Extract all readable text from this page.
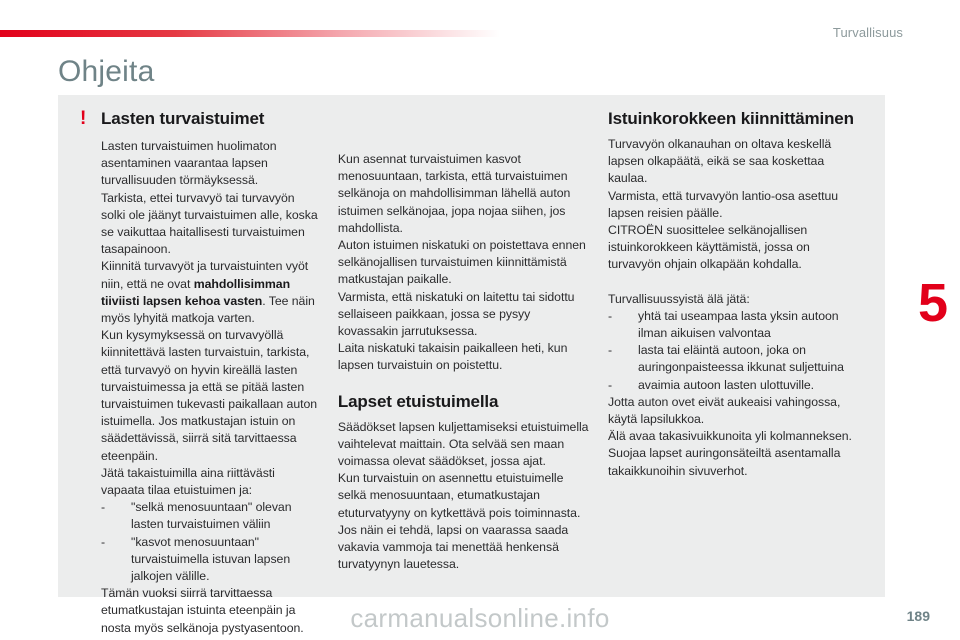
Turvallisuus
Ohjeita
5
! Lasten turvaistuimet

Lasten turvaistuimen huolimaton asentaminen vaarantaa lapsen turvallisuuden törmäyksessä.

Tarkista, ettei turvavyö tai turvavyön solki ole jäänyt turvaistuimen alle, koska se vaikuttaa haitallisesti turvaistuimen tasapainoon.

Kiinnitä turvavyöt ja turvaistuinten vyöt niin, että ne ovat mahdollisimman tiiviisti lapsen kehoa vasten. Tee näin myös lyhyitä matkoja varten.

Kun kysymyksessä on turvavyöllä kiinnitettävä lasten turvaistuin, tarkista, että turvavyö on hyvin kireällä lasten turvaistuimessa ja että se pitää lasten turvaistuimen tukevasti paikallaan auton istuimella. Jos matkustajan istuin on säädettävissä, siirrä sitä tarvittaessa eteenpäin.

Jätä takaistuimilla aina riittävästi vapaata tilaa etuistuimen ja:

- "selkä menosuuntaan" olevan lasten turvaistuimen väliin
- "kasvot menosuuntaan" turvaistuimella istuvan lapsen jalkojen välille.

Tämän vuoksi siirrä tarvittaessa etumatkustajan istuinta eteenpäin ja nosta myös selkänoja pystyasentoon.

Kun asennat turvaistuimen kasvot menosuuntaan, tarkista, että turvaistuimen selkänoja on mahdollisimman lähellä auton istuimen selkänojaa, jopa nojaa siihen, jos mahdollista.

Auton istuimen niskatuki on poistettava ennen selkänojallisen turvaistuimen kiinnittämistä matkustajan paikalle.

Varmista, että niskatuki on laitettu tai sidottu sellaiseen paikkaan, jossa se pysyy kovassakin jarrutuksessa.

Laita niskatuki takaisin paikalleen heti, kun lapsen turvaistuin on poistettu.

Lapset etuistuimella

Säädökset lapsen kuljettamiseksi etuistuimella vaihtelevat maittain. Ota selvää sen maan voimassa olevat säädökset, jossa ajat.

Kun turvaistuin on asennettu etuistuimelle selkä menosuuntaan, etumatkustajan etuturvatyyny on kytkettävä pois toiminnasta.

Jos näin ei tehdä, lapsi on vaarassa saada vakavia vammoja tai menettää henkensä turvatyynyn lauetessa.

Istuinkorokkeen kiinnittäminen

Turvavyön olkanauhan on oltava keskellä lapsen olkapäätä, eikä se saa koskettaa kaulaa.

Varmista, että turvavyön lantio-osa asettuu lapsen reisien päälle.

CITROËN suosittelee selkänojallisen istuinkorokkeen käyttämistä, jossa on turvavyön ohjain olkapään kohdalla.

Turvallisuussyistä älä jätä:

- yhtä tai useampaa lasta yksin autoon ilman aikuisen valvontaa
- lasta tai eläintä autoon, joka on auringonpaisteessa ikkunat suljettuina
- avaimia autoon lasten ulottuville.

Jotta auton ovet eivät aukeaisi vahingossa, käytä lapsilukkoa.

Älä avaa takasivuikkunoita yli kolmanneksen.

Suojaa lapset auringonsäteiltä asentamalla takaikkunoihin sivuverhot.

189
carmanualsonline.info
